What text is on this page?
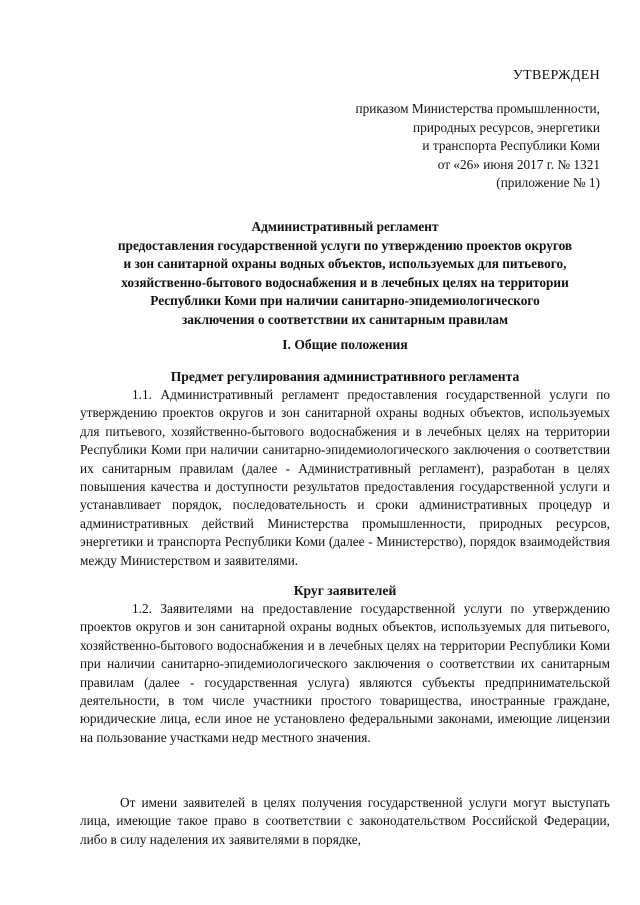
УТВЕРЖДЕН
приказом Министерства промышленности,
природных ресурсов, энергетики
и транспорта Республики Коми
от «26» июня 2017 г. № 1321
(приложение № 1)
Административный регламент
предоставления государственной услуги по утверждению проектов округов
и зон санитарной охраны водных объектов, используемых для питьевого,
хозяйственно-бытового водоснабжения и в лечебных целях на территории
Республики Коми при наличии санитарно-эпидемиологического
заключения о соответствии их санитарным правилам
I. Общие положения
Предмет регулирования административного регламента

1.1. Административный регламент предоставления государственной услуги по утверждению проектов округов и зон санитарной охраны водных объектов, используемых для питьевого, хозяйственно-бытового водоснабжения и в лечебных целях на территории Республики Коми при наличии санитарно-эпидемиологического заключения о соответствии их санитарным правилам (далее - Административный регламент), разработан в целях повышения качества и доступности результатов предоставления государственной услуги и устанавливает порядок, последовательность и сроки административных процедур и административных действий Министерства промышленности, природных ресурсов, энергетики и транспорта Республики Коми (далее - Министерство), порядок взаимодействия между Министерством и заявителями.

Круг заявителей

1.2. Заявителями на предоставление государственной услуги по утверждению проектов округов и зон санитарной охраны водных объектов, используемых для питьевого, хозяйственно-бытового водоснабжения и в лечебных целях на территории Республики Коми при наличии санитарно-эпидемиологического заключения о соответствии их санитарным правилам (далее - государственная услуга) являются субъекты предпринимательской деятельности, в том числе участники простого товарищества, иностранные граждане, юридические лица, если иное не установлено федеральными законами, имеющие лицензии на пользование участками недр местного значения.

От имени заявителей в целях получения государственной услуги могут выступать лица, имеющие такое право в соответствии с законодательством Российской Федерации, либо в силу наделения их заявителями в порядке,
